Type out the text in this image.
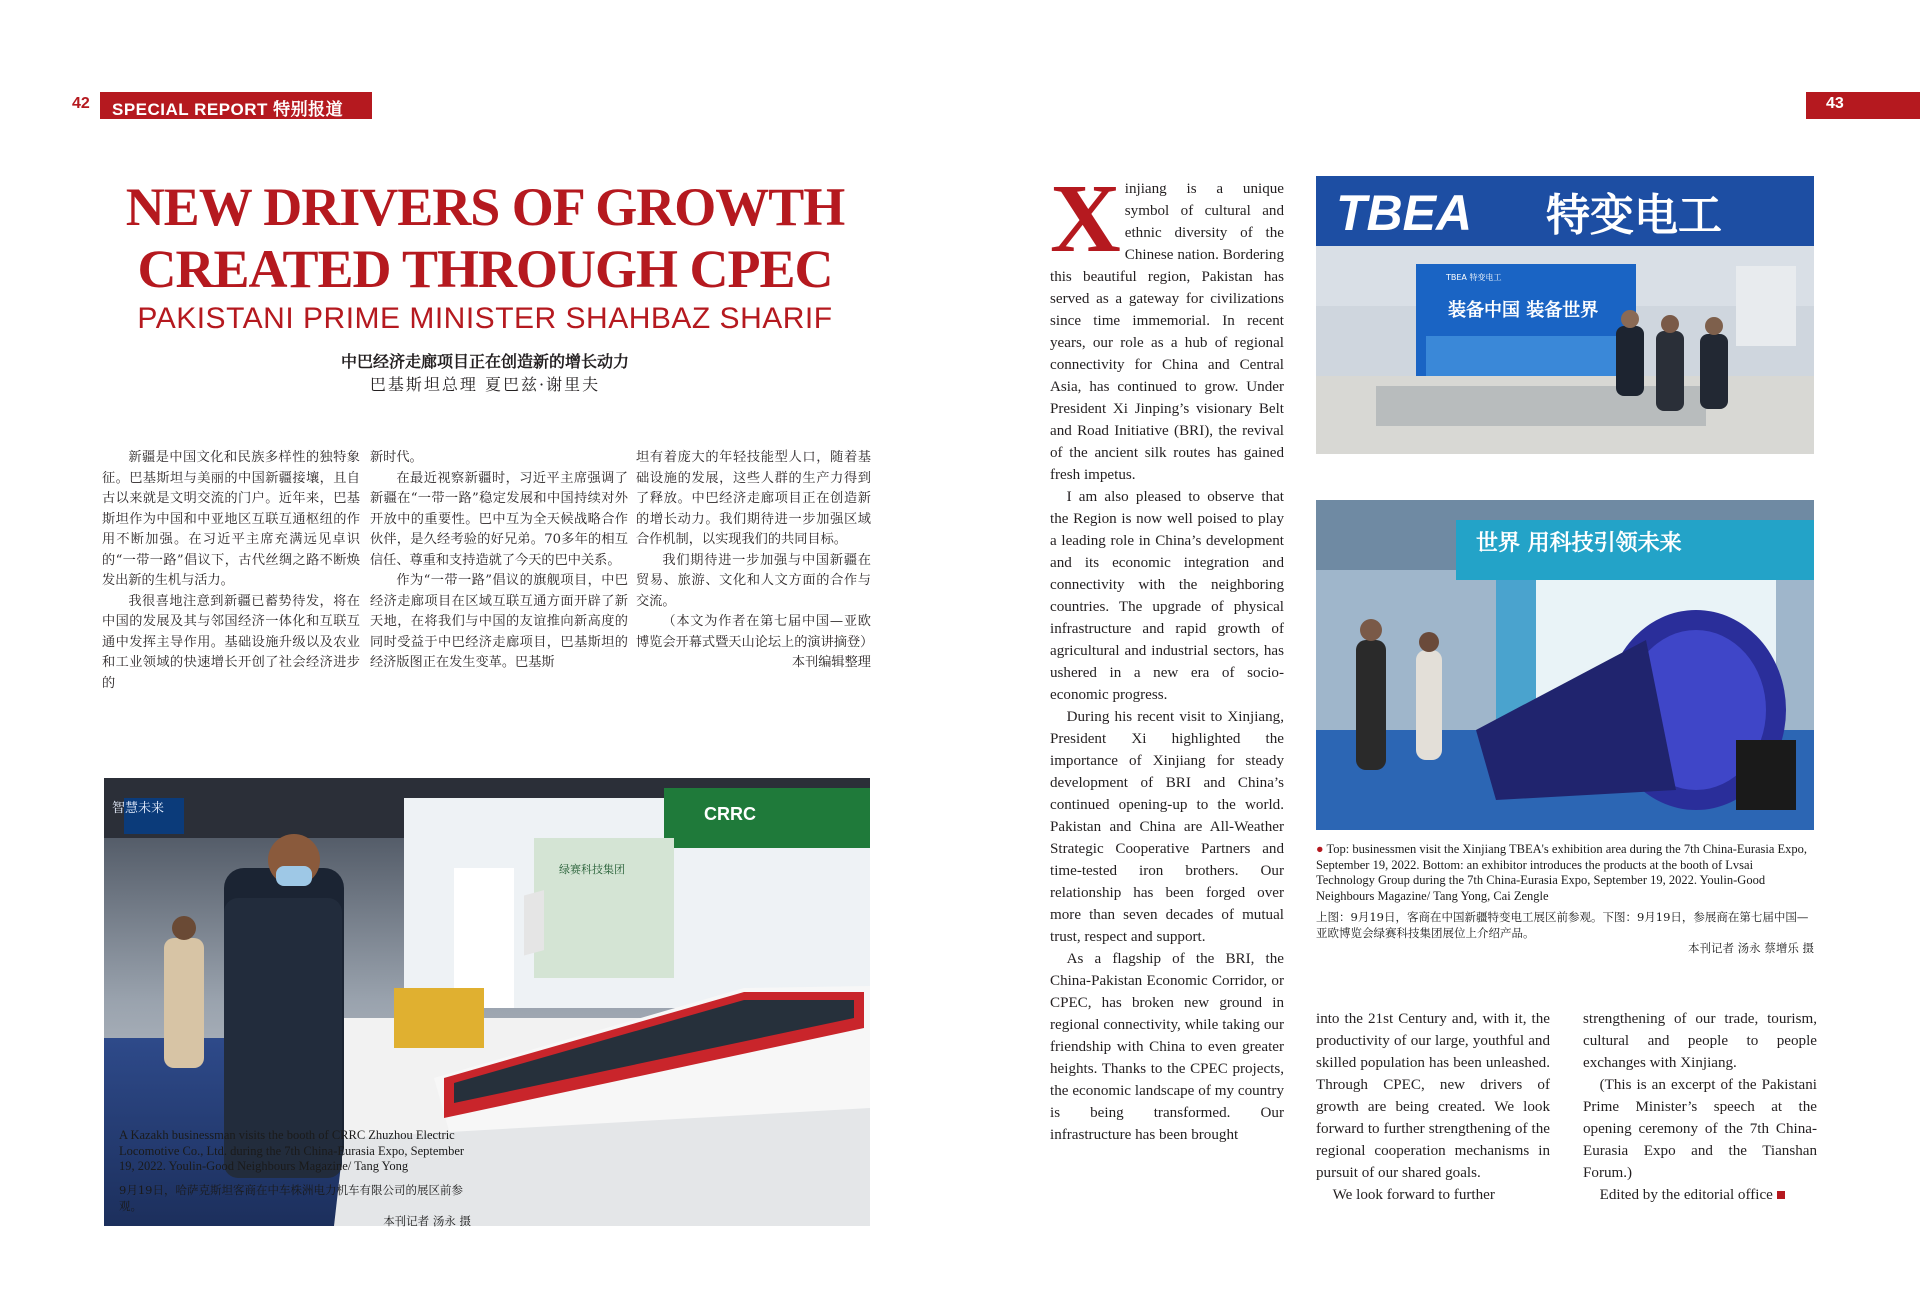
SPECIAL REPORT 特别报道
42	43
NEW DRIVERS OF GROWTH
CREATED THROUGH CPEC
PAKISTANI PRIME MINISTER SHAHBAZ SHARIF
中巴经济走廊项目正在创造新的增长动力
巴基斯坦总理 夏巴兹·谢里夫

新疆是中国文化和民族多样性的独特象征。巴基斯坦与美丽的中国新疆接壤，且自古以来就是文明交流的门户。近年来，巴基斯坦作为中国和中亚地区互联互通枢纽的作用不断加强。在习近平主席充满远见卓识的“一带一路”倡议下，古代丝绸之路不断焕发出新的生机与活力。

我很喜地注意到新疆已蓄势待发，将在中国的发展及其与邻国经济一体化和互联互通中发挥主导作用。基础设施升级以及农业和工业领域的快速增长开创了社会经济进步的

新时代。

在最近视察新疆时，习近平主席强调了新疆在“一带一路”稳定发展和中国持续对外开放中的重要性。巴中互为全天候战略合作伙伴，是久经考验的好兄弟。70多年的相互信任、尊重和支持造就了今天的巴中关系。

作为“一带一路”倡议的旗舰项目，中巴经济走廊项目在区域互联互通方面开辟了新天地，在将我们与中国的友谊推向新高度的同时受益于中巴经济走廊项目，巴基斯坦的经济版图正在发生变革。巴基斯

坦有着庞大的年轻技能型人口，随着基础设施的发展，这些人群的生产力得到了释放。中巴经济走廊项目正在创造新的增长动力。我们期待进一步加强区域合作机制，以实现我们的共同目标。

我们期待进一步加强与中国新疆在贸易、旅游、文化和人文方面的合作与交流。

（本文为作者在第七届中国—亚欧博览会开幕式暨天山论坛上的演讲摘登）

本刊编辑整理

智慧未来	CRRC
绿赛科技集团
A Kazakh businessman visits the booth of CRRC Zhuzhou Electric Locomotive Co., Ltd. during the 7th China-Eurasia Expo, September 19, 2022. Youlin-Good Neighbours Magazine/ Tang Yong
9月19日，哈萨克斯坦客商在中车株洲电力机车有限公司的展区前参观。
本刊记者 汤永 摄

Xinjiang is a unique symbol of cultural and ethnic diversity of the Chinese nation. Bordering this beautiful region, Pakistan has served as a gateway for civilizations since time immemorial. In recent years, our role as a hub of regional connectivity for China and Central Asia, has continued to grow. Under President Xi Jinping’s visionary Belt and Road Initiative (BRI), the revival of the ancient silk routes has gained fresh impetus.

I am also pleased to observe that the Region is now well poised to play a leading role in China’s development and its economic integration and connectivity with the neighboring countries. The upgrade of physical infrastructure and rapid growth of agricultural and industrial sectors, has ushered in a new era of socio-economic progress.

During his recent visit to Xinjiang, President Xi highlighted the importance of Xinjiang for steady development of BRI and China’s continued opening-up to the world. Pakistan and China are All-Weather Strategic Cooperative Partners and time-tested iron brothers. Our relationship has been forged over more than seven decades of mutual trust, respect and support.

As a flagship of the BRI, the China-Pakistan Economic Corridor, or CPEC, has broken new ground in regional connectivity, while taking our friendship with China to even greater heights. Thanks to the CPEC projects, the economic landscape of my country is being transformed. Our infrastructure has been brought

into the 21st Century and, with it, the productivity of our large, youthful and skilled population has been unleashed. Through CPEC, new drivers of growth are being created. We look forward to further strengthening of the regional cooperation mechanisms in pursuit of our shared goals.

We look forward to further

strengthening of our trade, tourism, cultural and people to people exchanges with Xinjiang.

(This is an excerpt of the Pakistani Prime Minister’s speech at the opening ceremony of the 7th China-Eurasia Expo and the Tianshan Forum.)

Edited by the editorial office

TBEA 特变电工
TBEA 特变电工
装备中国 装备世界
世界 用科技引领未来
● Top: businessmen visit the Xinjiang TBEA's exhibition area during the 7th China-Eurasia Expo, September 19, 2022. Bottom: an exhibitor introduces the products at the booth of Lvsai Technology Group during the 7th China-Eurasia Expo, September 19, 2022. Youlin-Good Neighbours Magazine/ Tang Yong, Cai Zengle
上图：9月19日，客商在中国新疆特变电工展区前参观。下图：9月19日，参展商在第七届中国—亚欧博览会绿赛科技集团展位上介绍产品。
本刊记者 汤永 蔡增乐 摄
